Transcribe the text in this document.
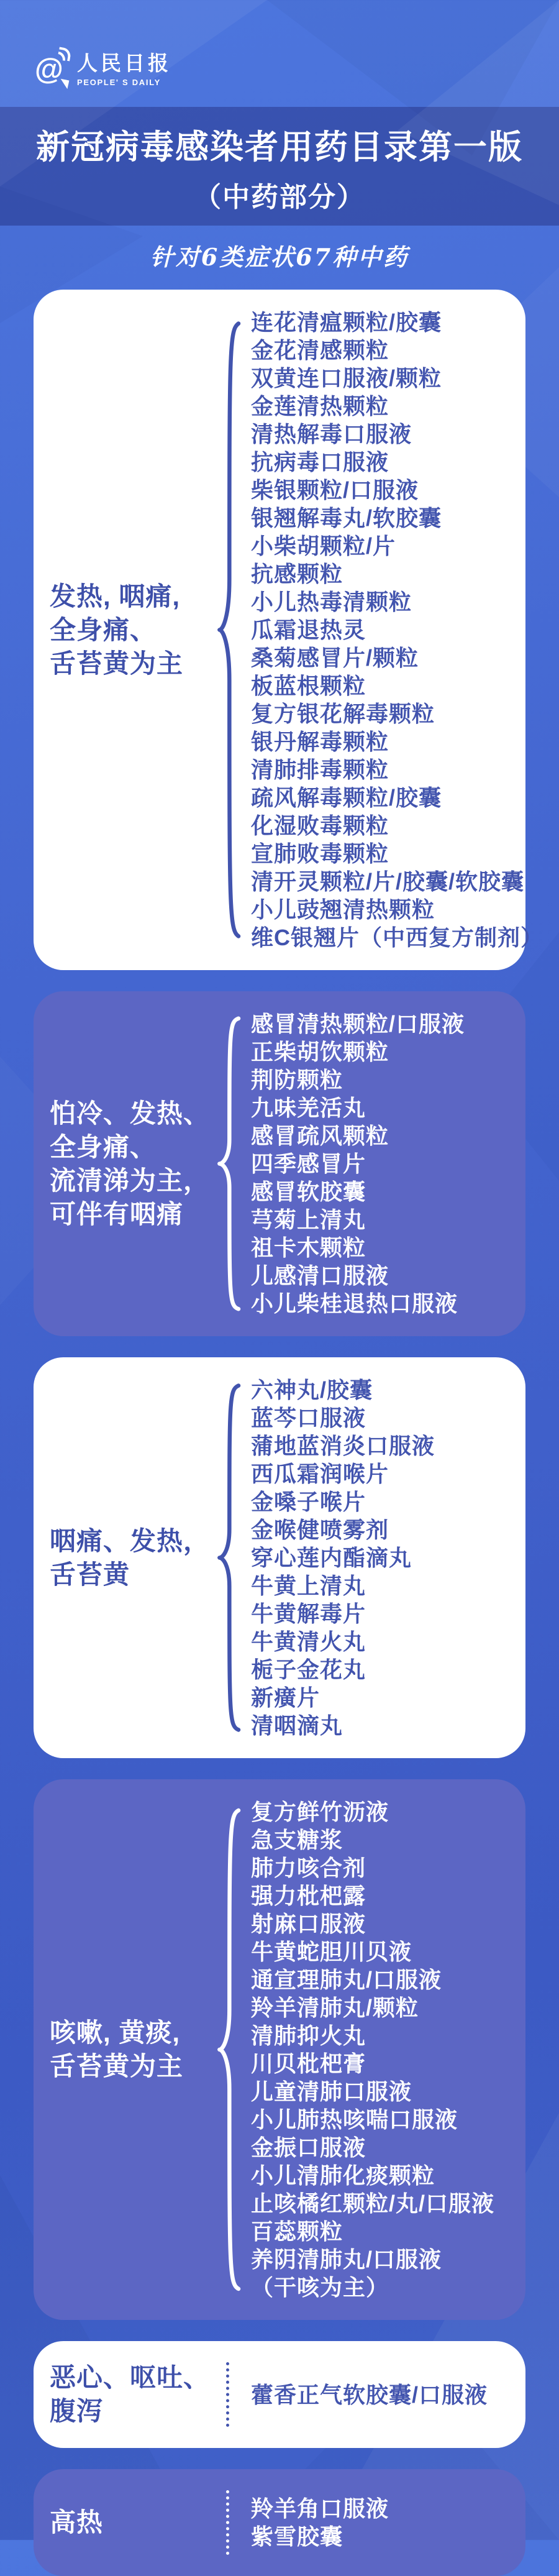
@ 人民日报
PEOPLE' S DAILY
新冠病毒感染者用药目录第一版
（中药部分）
针对6类症状67种中药
发热, 咽痛,
全身痛、
舌苔黄为主
连花清瘟颗粒/胶囊
金花清感颗粒
双黄连口服液/颗粒
金莲清热颗粒
清热解毒口服液
抗病毒口服液
柴银颗粒/口服液
银翘解毒丸/软胶囊
小柴胡颗粒/片
抗感颗粒
小儿热毒清颗粒
瓜霜退热灵
桑菊感冒片/颗粒
板蓝根颗粒
复方银花解毒颗粒
银丹解毒颗粒
清肺排毒颗粒
疏风解毒颗粒/胶囊
化湿败毒颗粒
宣肺败毒颗粒
清开灵颗粒/片/胶囊/软胶囊
小儿豉翘清热颗粒
维C银翘片（中西复方制剂）
怕冷、发热、
全身痛、
流清涕为主，
可伴有咽痛
感冒清热颗粒/口服液
正柴胡饮颗粒
荆防颗粒
九味羌活丸
感冒疏风颗粒
四季感冒片
感冒软胶囊
芎菊上清丸
祖卡木颗粒
儿感清口服液
小儿柴桂退热口服液
咽痛、发热，
舌苔黄
六神丸/胶囊
蓝芩口服液
蒲地蓝消炎口服液
西瓜霜润喉片
金嗓子喉片
金喉健喷雾剂
穿心莲内酯滴丸
牛黄上清丸
牛黄解毒片
牛黄清火丸
栀子金花丸
新癀片
清咽滴丸
咳嗽, 黄痰,
舌苔黄为主
复方鲜竹沥液
急支糖浆
肺力咳合剂
强力枇杷露
射麻口服液
牛黄蛇胆川贝液
通宣理肺丸/口服液
羚羊清肺丸/颗粒
清肺抑火丸
川贝枇杷膏
儿童清肺口服液
小儿肺热咳喘口服液
金振口服液
小儿清肺化痰颗粒
止咳橘红颗粒/丸/口服液
百蕊颗粒
养阴清肺丸/口服液
（干咳为主）
恶心、呕吐、
腹泻
藿香正气软胶囊/口服液
高热	羚羊角口服液
紫雪胶囊
